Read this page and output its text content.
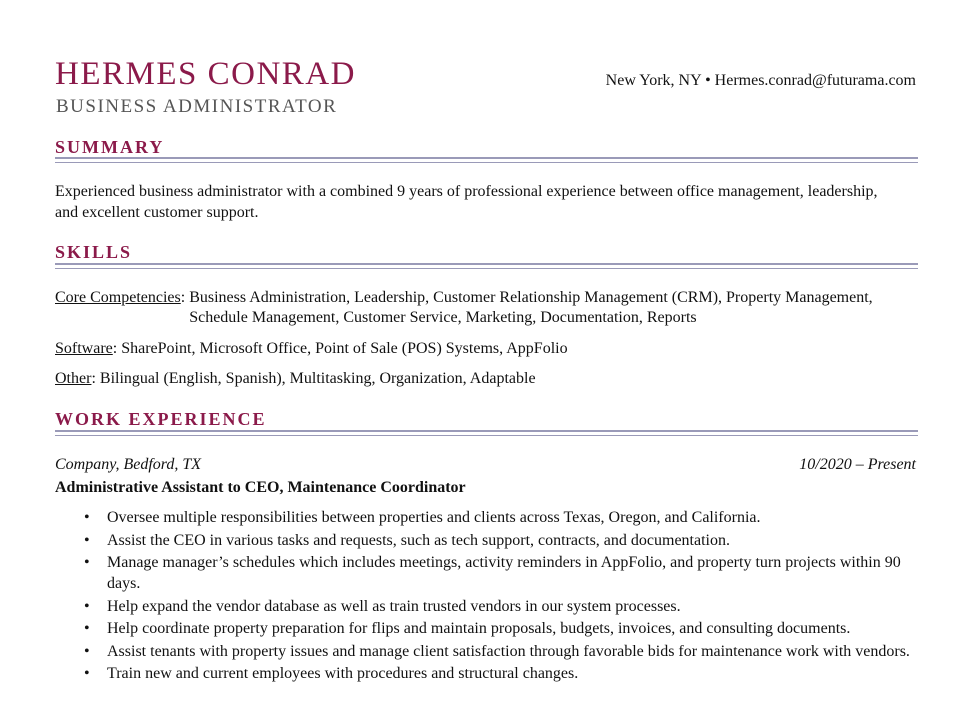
HERMES CONRAD
BUSINESS ADMINISTRATOR
New York, NY • Hermes.conrad@futurama.com
SUMMARY
Experienced business administrator with a combined 9 years of professional experience between office management, leadership, and excellent customer support.
SKILLS
Core Competencies : Business Administration, Leadership, Customer Relationship Management (CRM), Property Management, Schedule Management, Customer Service, Marketing, Documentation, Reports
Software : SharePoint, Microsoft Office, Point of Sale (POS) Systems, AppFolio
Other : Bilingual (English, Spanish), Multitasking, Organization, Adaptable
WORK EXPERIENCE
Company, Bedford, TX	10/2020 – Present
Administrative Assistant to CEO, Maintenance Coordinator
• Oversee multiple responsibilities between properties and clients across Texas, Oregon, and California.
• Assist the CEO in various tasks and requests, such as tech support, contracts, and documentation.
• Manage manager’s schedules which includes meetings, activity reminders in AppFolio, and property turn projects within 90 days.
• Help expand the vendor database as well as train trusted vendors in our system processes.
• Help coordinate property preparation for flips and maintain proposals, budgets, invoices, and consulting documents.
• Assist tenants with property issues and manage client satisfaction through favorable bids for maintenance work with vendors.
• Train new and current employees with procedures and structural changes.
